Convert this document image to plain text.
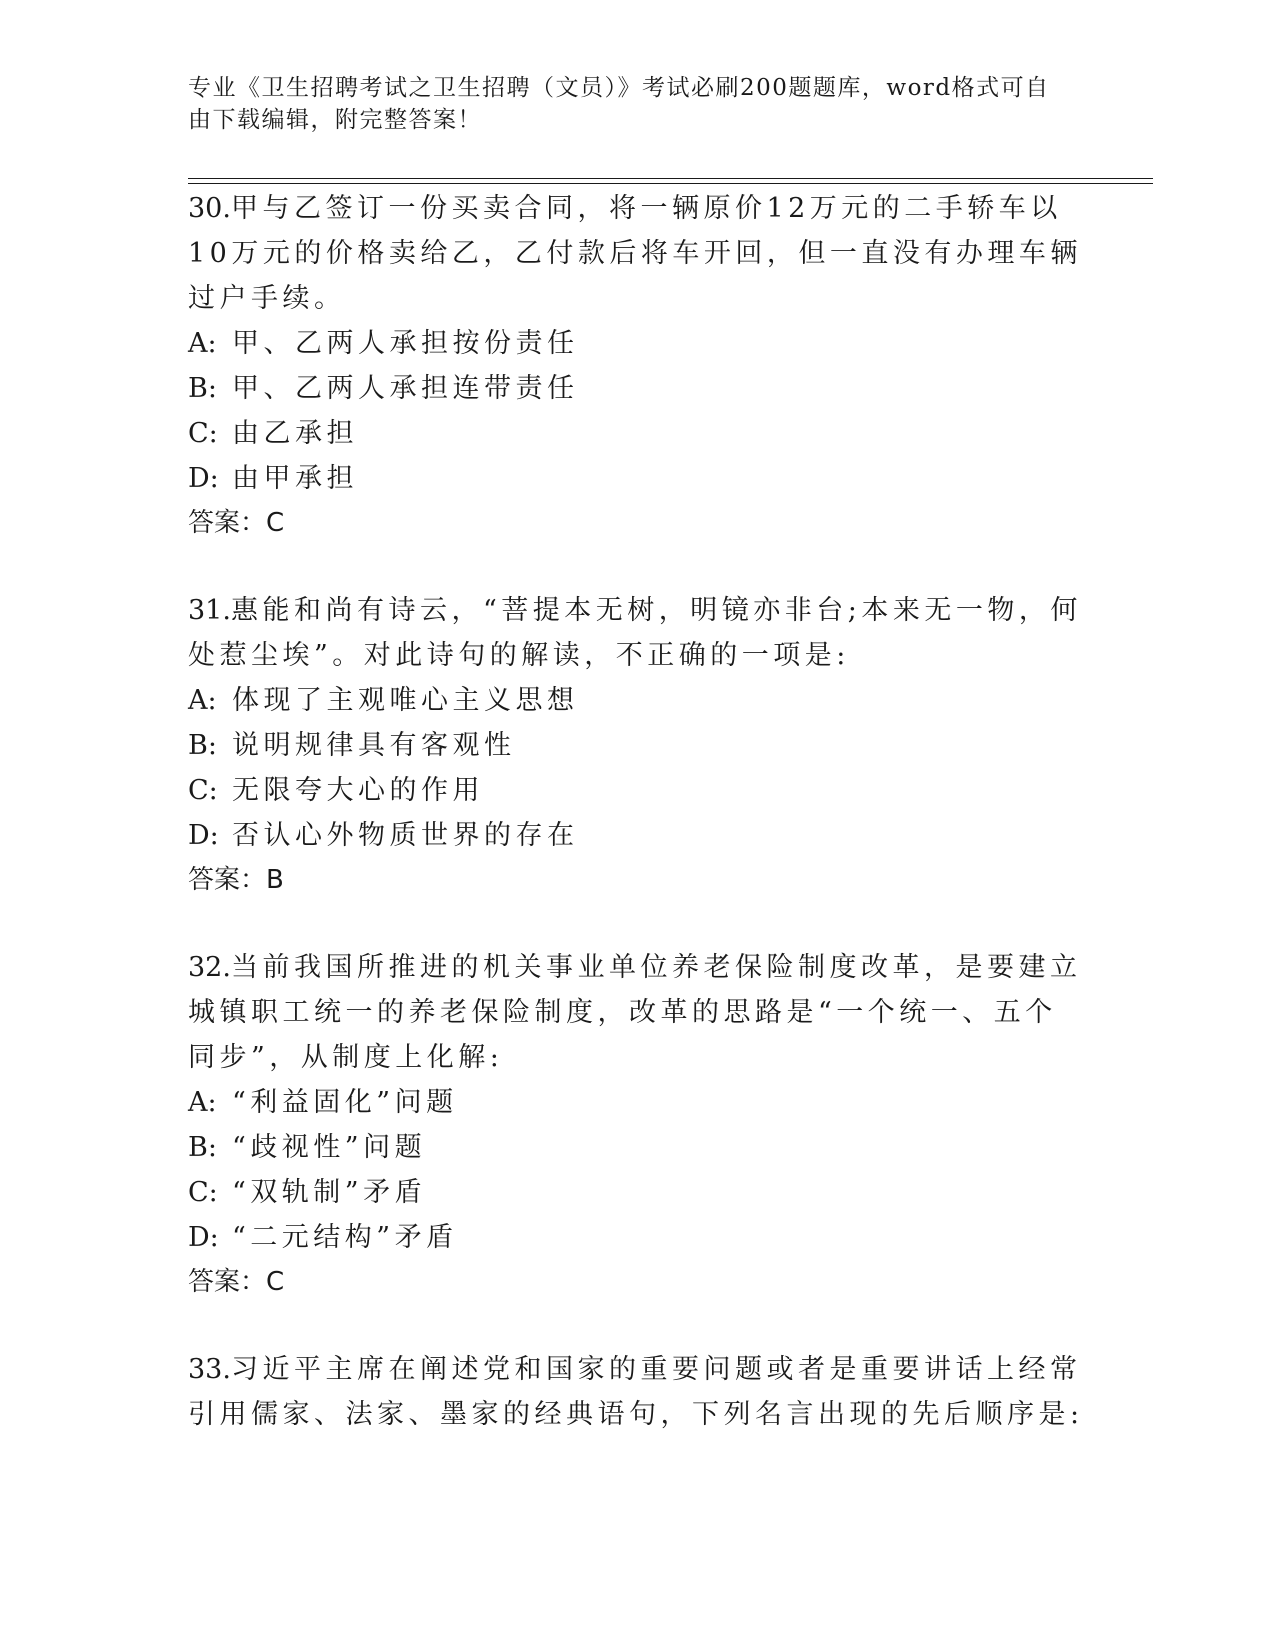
专业《卫生招聘考试之卫生招聘（文员）》考试必刷200题题库，word格式可自由下载编辑，附完整答案！

30.甲与乙签订一份买卖合同，将一辆原价12万元的二手轿车以10万元的价格卖给乙，乙付款后将车开回，但一直没有办理车辆过户手续。

A: 甲、乙两人承担按份责任

B: 甲、乙两人承担连带责任

C: 由乙承担

D: 由甲承担

答案：C

31.惠能和尚有诗云，“菩提本无树，明镜亦非台;本来无一物，何处惹尘埃”。对此诗句的解读，不正确的一项是:

A: 体现了主观唯心主义思想

B: 说明规律具有客观性

C: 无限夸大心的作用

D: 否认心外物质世界的存在

答案：B

32.当前我国所推进的机关事业单位养老保险制度改革，是要建立城镇职工统一的养老保险制度，改革的思路是“一个统一、五个同步”，从制度上化解:

A: “利益固化”问题

B: “歧视性”问题

C: “双轨制”矛盾

D: “二元结构”矛盾

答案：C

33.习近平主席在阐述党和国家的重要问题或者是重要讲话上经常引用儒家、法家、墨家的经典语句，下列名言出现的先后顺序是:
